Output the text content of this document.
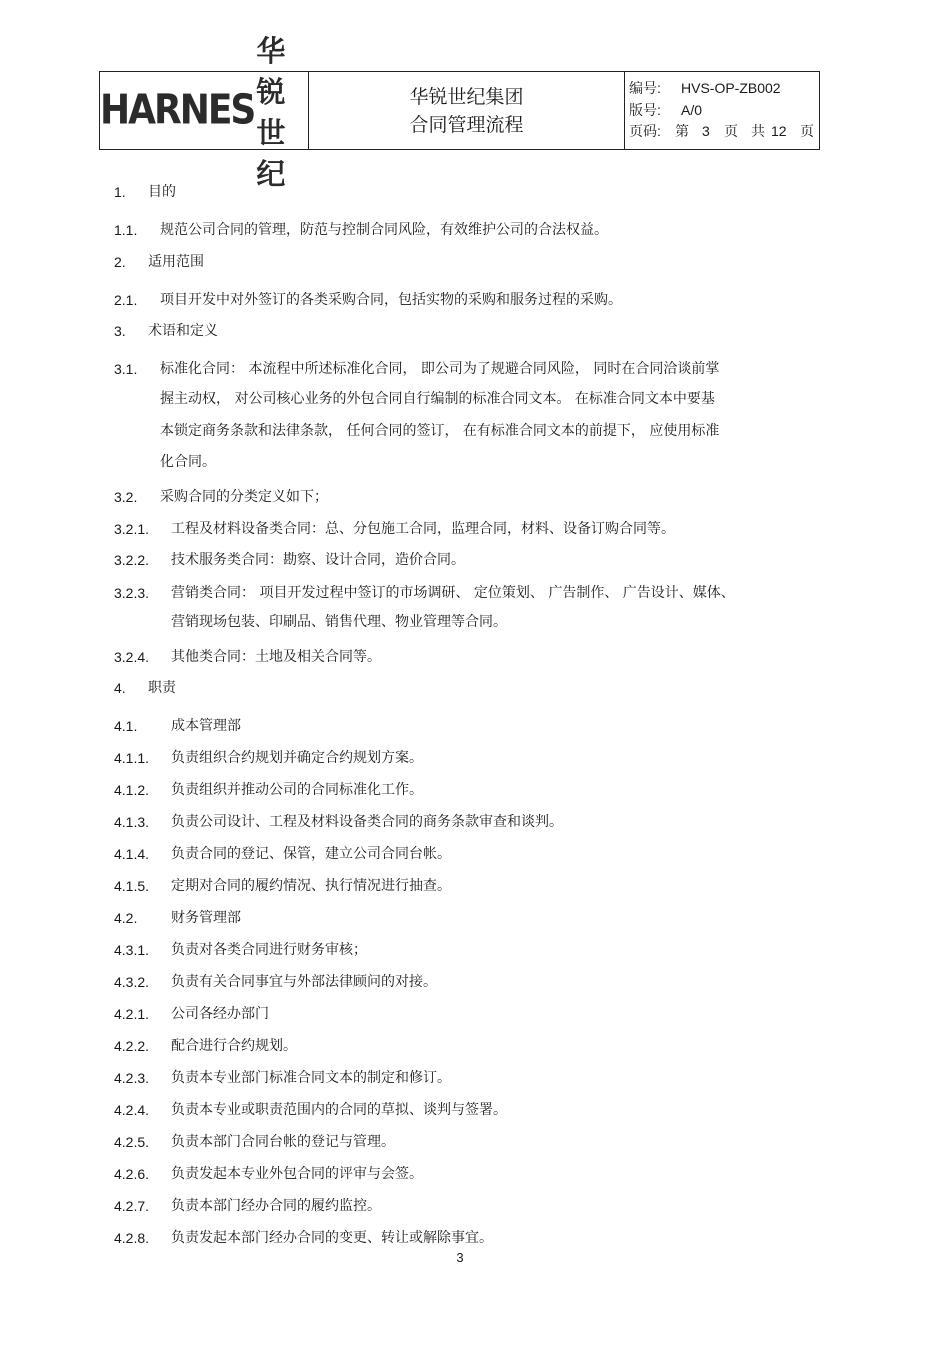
HARNES
华锐世纪
华锐世纪集团
合同管理流程
编号:	HVS-OP-ZB002
版号:	A/0
页码:	第 3	页 共 12 页
1. 目的
1.1. 规范公司合同的管理，防范与控制合同风险，有效维护公司的合法权益。
2. 适用范围
2.1. 项目开发中对外签订的各类采购合同，包括实物的采购和服务过程的采购。
3. 术语和定义
3.1. 标准化合同： 本流程中所述标准化合同， 即公司为了规避合同风险， 同时在合同洽谈前掌
握主动权， 对公司核心业务的外包合同自行编制的标准合同文本。 在标准合同文本中要基
本锁定商务条款和法律条款， 任何合同的签订， 在有标准合同文本的前提下， 应使用标准
化合同。
3.2. 采购合同的分类定义如下；
3.2.1. 工程及材料设备类合同：总、分包施工合同，监理合同，材料、设备订购合同等。
3.2.2. 技术服务类合同：勘察、设计合同，造价合同。
3.2.3. 营销类合同： 项目开发过程中签订的市场调研、 定位策划、 广告制作、 广告设计、媒体、
营销现场包装、印刷品、销售代理、物业管理等合同。
3.2.4. 其他类合同：土地及相关合同等。
4. 职责
4.1. 成本管理部
4.1.1. 负责组织合约规划并确定合约规划方案。
4.1.2. 负责组织并推动公司的合同标准化工作。
4.1.3. 负责公司设计、工程及材料设备类合同的商务条款审查和谈判。
4.1.4. 负责合同的登记、保管，建立公司合同台帐。
4.1.5. 定期对合同的履约情况、执行情况进行抽查。
4.2. 财务管理部
4.3.1. 负责对各类合同进行财务审核；
4.3.2. 负责有关合同事宜与外部法律顾问的对接。
4.2.1. 公司各经办部门
4.2.2. 配合进行合约规划。
4.2.3. 负责本专业部门标准合同文本的制定和修订。
4.2.4. 负责本专业或职责范围内的合同的草拟、谈判与签署。
4.2.5. 负责本部门合同台帐的登记与管理。
4.2.6. 负责发起本专业外包合同的评审与会签。
4.2.7. 负责本部门经办合同的履约监控。
4.2.8. 负责发起本部门经办合同的变更、转让或解除事宜。
3
